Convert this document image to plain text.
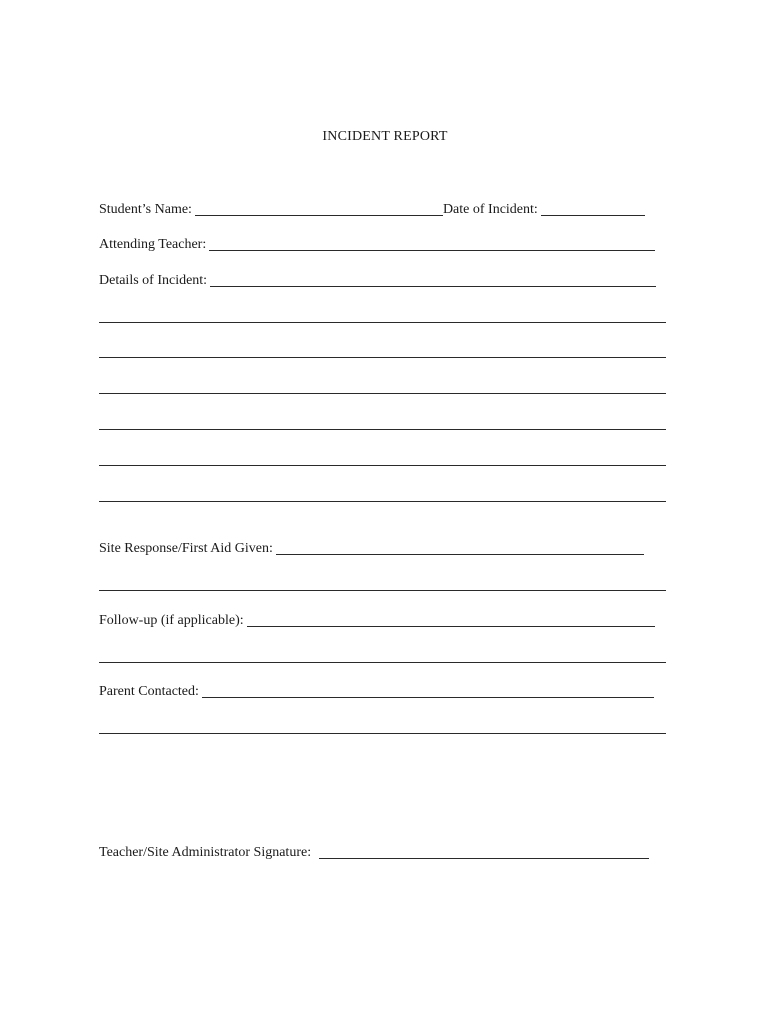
INCIDENT REPORT
Student’s Name:	Date of Incident:
Attending Teacher:
Details of Incident:
Site Response/First Aid Given:
Follow-up (if applicable):
Parent Contacted:
Teacher/Site Administrator Signature:
